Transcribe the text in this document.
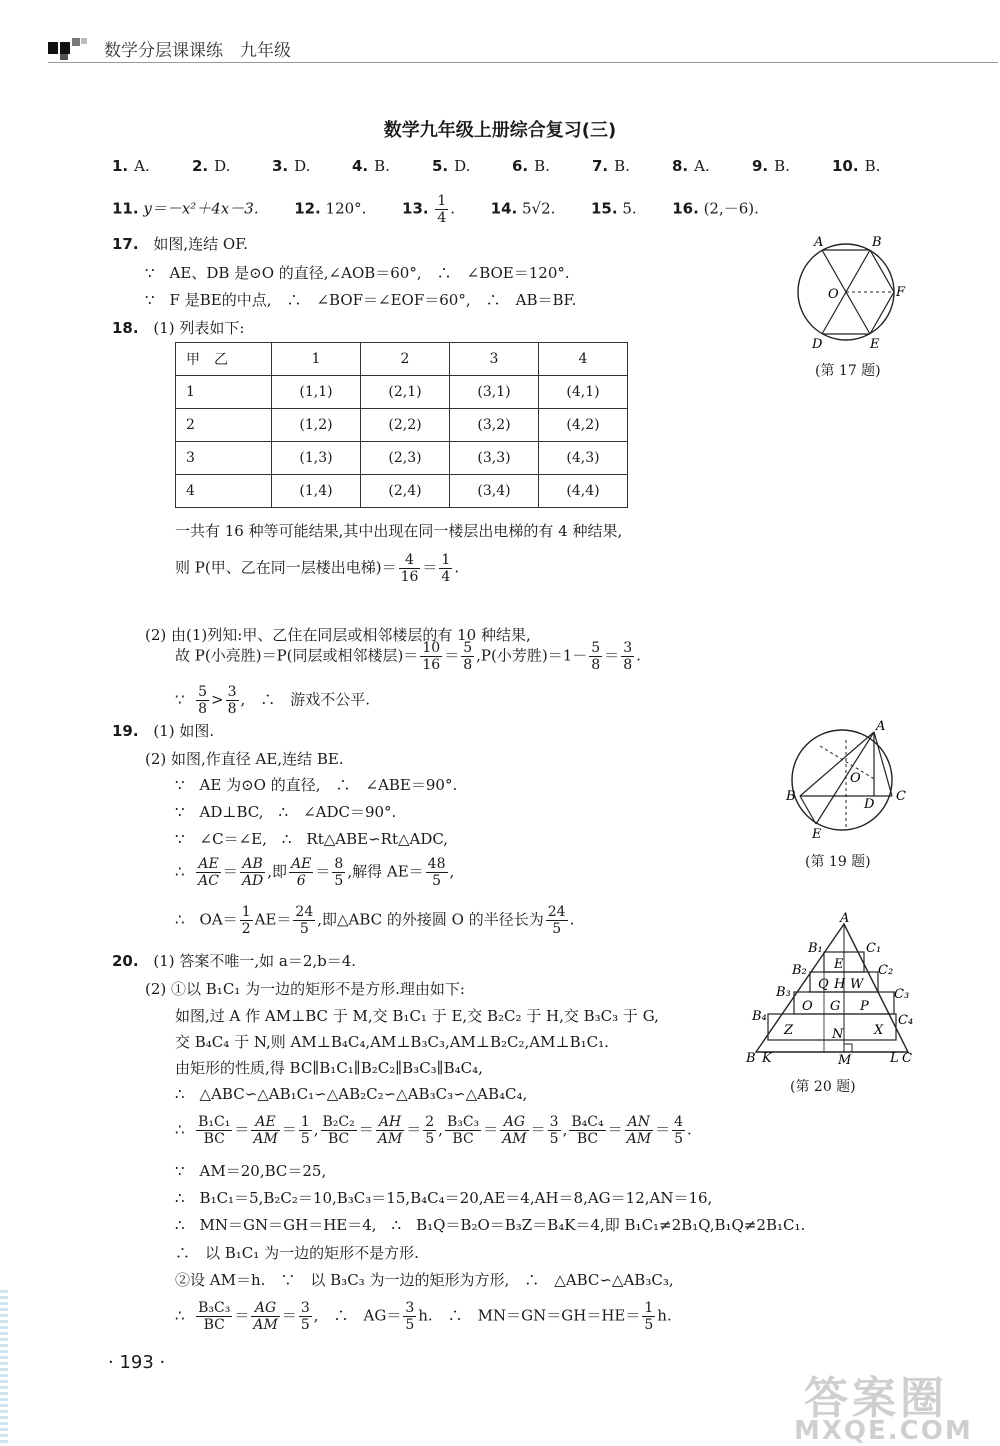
数学分层课课练　九年级
数学九年级上册综合复习(三)
1. A.	2. D.	3. D.	4. B.	5. D.	6. B.	7. B.	8. A.	9. B.	10. B.
11. y＝－x²＋4x－3. 12. 120°. 13. $\frac{1}{4}$ . 14. 5√2. 15. 5. 16. (2,－6).
17. 如图,连结 OF.
∵　AE、DB 是⊙O 的直径,∠AOB＝60°,　∴　∠BOE＝120°.
∵　F 是BE的中点,　∴　∠BOF＝∠EOF＝60°,　∴　AB＝BF.
A	B
F
O
D	E
(第 17 题)
18. (1) 列表如下:
甲　乙	1	2	3	4
1	(1,1)	(2,1)	(3,1)	(4,1)
2	(1,2)	(2,2)	(3,2)	(4,2)
3	(1,3)	(2,3)	(3,3)	(4,3)
4	(1,4)	(2,4)	(3,4)	(4,4)
一共有 16 种等可能结果,其中出现在同一楼层出电梯的有 4 种结果,
则 P(甲、乙在同一层楼出电梯)＝ $\frac{4}{16} = \frac{1}{4}$ .
(2) 由(1)列知:甲、乙住在同层或相邻楼层的有 10 种结果,
故 P(小亮胜)＝P(同层或相邻楼层)＝ $\frac{10}{16} = \frac{5}{8} ,P$(小芳胜)$=1- \frac{5}{8} = \frac{3}{8}$ .
∵ $\frac{5}{8} > \frac{3}{8}$ ,　∴　游戏不公平.
19. (1) 如图.
(2) 如图,作直径 AE,连结 BE.
∵　AE 为⊙O 的直径,　∴　∠ABE＝90°.
∵　AD⊥BC,　∴　∠ADC＝90°.
∵　∠C＝∠E,　∴　Rt△ABE∽Rt△ADC,
∴ $\frac{AE}{AC} = \frac{AB}{AD}$ ,即 $\frac{AE}{6} = \frac{8}{5}$ ,解得 $AE= \frac{48}{5}$ ,
∴　$OA= \frac{1}{2} AE= \frac{24}{5}$ ,即△ABC 的外接圆 O 的半径长为 $\frac{24}{5}$ .
A
B	C
D
E
O
(第 19 题)
20. (1) 答案不唯一,如 a＝2,b＝4.
(2) ①以 B₁C₁ 为一边的矩形不是方形.理由如下:
如图,过 A 作 AM⊥BC 于 M,交 B₁C₁ 于 E,交 B₂C₂ 于 H,交 B₃C₃ 于 G,
交 B₄C₄ 于 N,则 AM⊥B₄C₄,AM⊥B₃C₃,AM⊥B₂C₂,AM⊥B₁C₁.
由矩形的性质,得 BC∥B₁C₁∥B₂C₂∥B₃C₃∥B₄C₄,
∴　△ABC∽△AB₁C₁∽△AB₂C₂∽△AB₃C₃∽△AB₄C₄,
∴ $\frac{\text{B₁C₁}}{BC} = \frac{AE}{AM} = \frac{1}{5}$ , $\frac{\text{B₂C₂}}{BC} = \frac{AH}{AM} = \frac{2}{5}$ , $\frac{\text{B₃C₃}}{BC} = \frac{AG}{AM} = \frac{3}{5}$ , $\frac{\text{B₄C₄}}{BC} = \frac{AN}{AM} = \frac{4}{5}$ .
∵　AM＝20,BC＝25,
∴　B₁C₁＝5,B₂C₂＝10,B₃C₃＝15,B₄C₄＝20,AE＝4,AH＝8,AG＝12,AN＝16,
∴　MN＝GN＝GH＝HE＝4,　∴　B₁Q＝B₂O＝B₃Z＝B₄K＝4,即 B₁C₁≠2B₁Q,B₁Q≠2B₁C₁.
∴　以 B₁C₁ 为一边的矩形不是方形.
②设 AM＝h.　∵　以 B₃C₃ 为一边的矩形为方形,　∴　△ABC∽△AB₃C₃,
∴ $\frac{\text{B₃C₃}}{BC} = \frac{AG}{AM} = \frac{3}{5}$ ,　∴　$AG= \frac{3}{5} h$.　∴　$MN=GN=GH=HE= \frac{1}{5} h$.
A
B	C
B₁	C₁
B₂	C₂
B₃	C₃
B₄	C₄
E
Q H W
O G P
Z	N X
K	M	L
(第 20 题)
· 193 ·
答案圈
MXQE.COM
